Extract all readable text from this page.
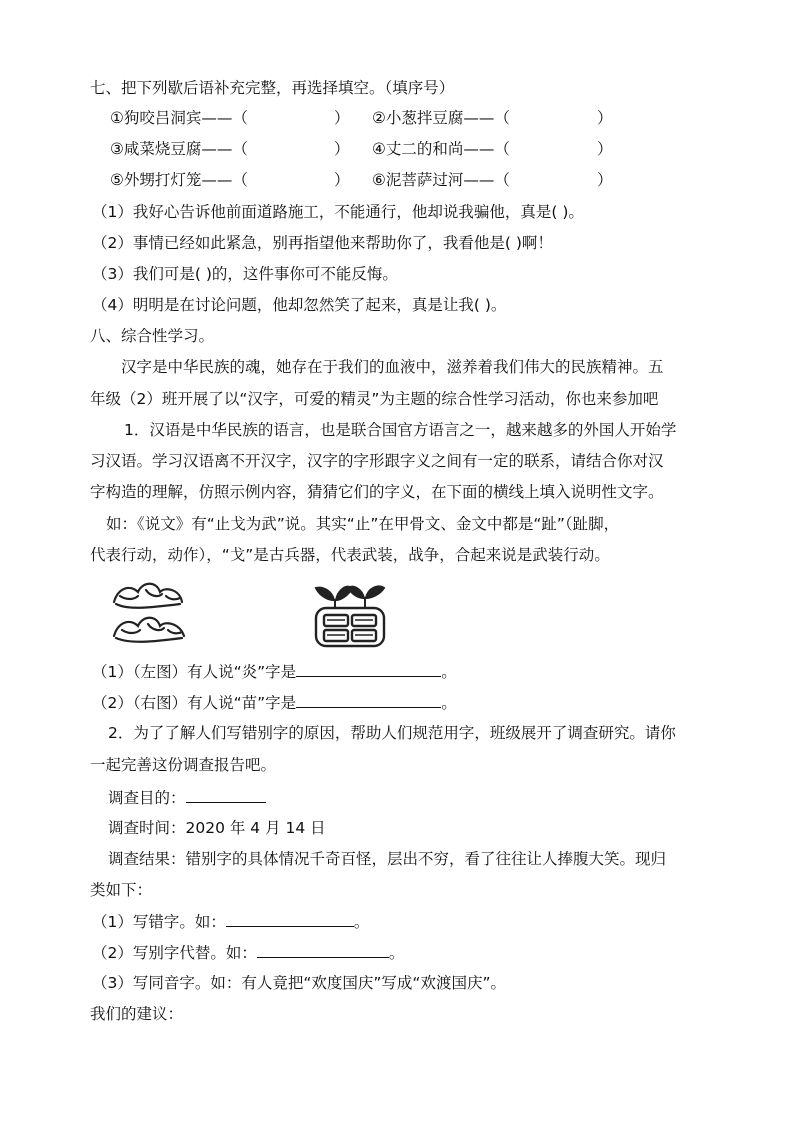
七、把下列歇后语补充完整，再选择填空。（填序号）
①狗咬吕洞宾——（	） ②小葱拌豆腐——（	）
③咸菜烧豆腐——（	） ④丈二的和尚——（	）
⑤外甥打灯笼——（	） ⑥泥菩萨过河——（	）
（1）我好心告诉他前面道路施工，不能通行，他却说我骗他，真是( )。
（2）事情已经如此紧急，别再指望他来帮助你了，我看他是( )啊！
（3）我们可是( )的，这件事你可不能反悔。
（4）明明是在讨论问题，他却忽然笑了起来，真是让我( )。
八、综合性学习。
汉字是中华民族的魂，她存在于我们的血液中，滋养着我们伟大的民族精神。五
年级（2）班开展了以“汉字，可爱的精灵”为主题的综合性学习活动，你也来参加吧
1．汉语是中华民族的语言，也是联合国官方语言之一，越来越多的外国人开始学
习汉语。学习汉语离不开汉字，汉字的字形跟字义之间有一定的联系，请结合你对汉
字构造的理解，仿照示例内容，猜猜它们的字义，在下面的横线上填入说明性文字。
如：《说文》有“止戈为武”说。其实“止”在甲骨文、金文中都是“趾”（趾脚，
代表行动，动作），“戈”是古兵器，代表武装，战争，合起来说是武装行动。
（1）（左图）有人说“炎”字是	。
（2）（右图）有人说“苗”字是	。
2．为了了解人们写错别字的原因，帮助人们规范用字，班级展开了调查研究。请你
一起完善这份调查报告吧。
调查目的：
调查时间：2020 年 4 月 14 日
调查结果：错别字的具体情况千奇百怪，层出不穷，看了往往让人捧腹大笑。现归
类如下：
（1）写错字。如：	。
（2）写别字代替。如：	。
（3）写同音字。如：有人竟把“欢度国庆”写成“欢渡国庆”。
我们的建议：
